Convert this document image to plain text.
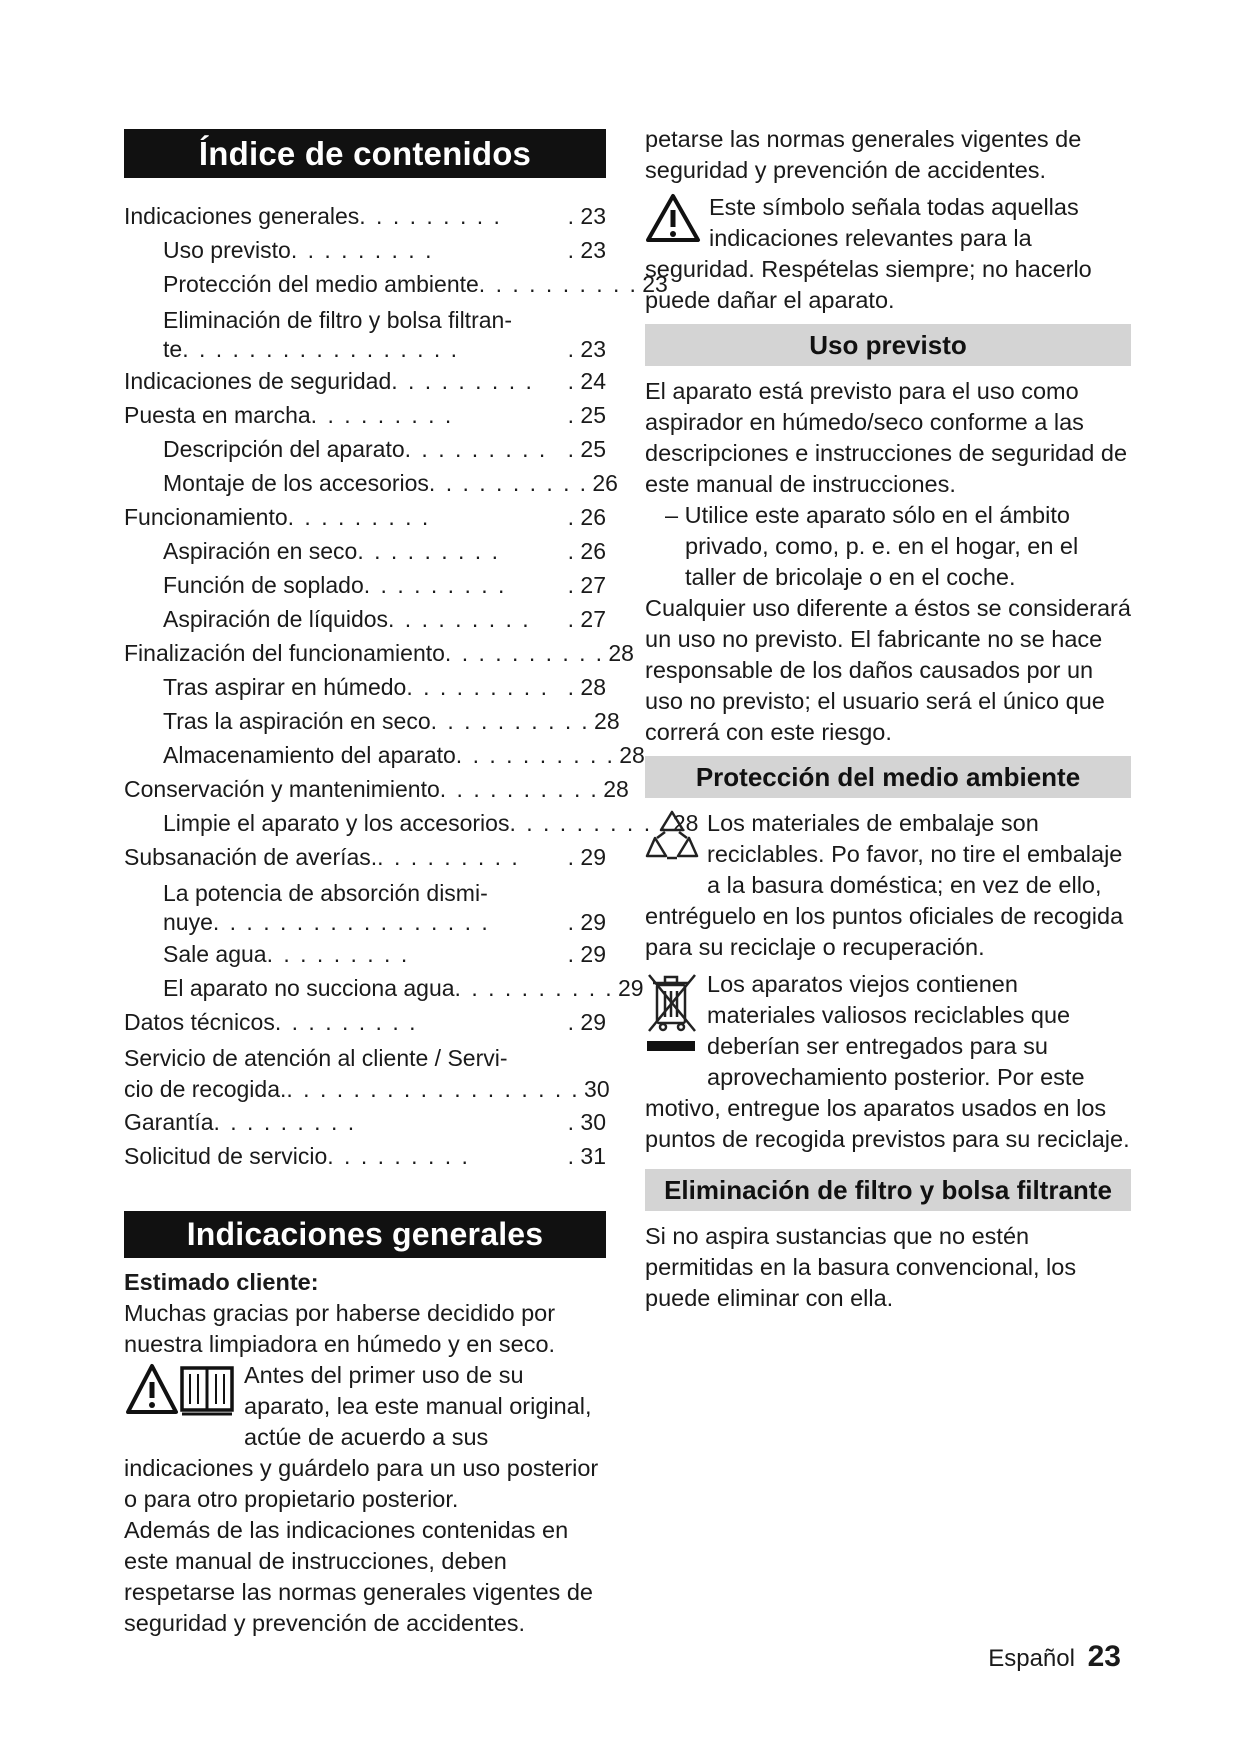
Índice de contenidos
Indicaciones generales . . . . . . . . .	. 23
Uso previsto . . . . . . . . .	. 23
Protección del medio ambiente . . . . . . . . . . 23
Eliminación de filtro y bolsa filtran-
te . . . . . . . . . . . . . . . . .	. 23
Indicaciones de seguridad . . . . . . . . .	. 24
Puesta en marcha . . . . . . . . .	. 25
Descripción del aparato . . . . . . . . . . 25
Montaje de los accesorios . . . . . . . . . . 26
Funcionamiento . . . . . . . . .	. 26
Aspiración en seco . . . . . . . . .	. 26
Función de soplado . . . . . . . . .	. 27
Aspiración de líquidos . . . . . . . . .	. 27
Finalización del funcionamiento . . . . . . . . . . 28
Tras aspirar en húmedo . . . . . . . . . . 28
Tras la aspiración en seco . . . . . . . . . . 28
Almacenamiento del aparato . . . . . . . . . . 28
Conservación y mantenimiento . . . . . . . . . . 28
Limpie el aparato y los accesorios . . . . . . . . . . 28
Subsanación de averías. . . . . . . . . .	. 29
La potencia de absorción dismi-
nuye . . . . . . . . . . . . . . . . .	. 29
Sale agua . . . . . . . . .	. 29
El aparato no succiona agua . . . . . . . . . . 29
Datos técnicos . . . . . . . . .	. 29
Servicio de atención al cliente / Servi-
cio de recogida. . . . . . . . . . . . . . . . . . . 30
Garantía . . . . . . . . .	. 30
Solicitud de servicio . . . . . . . . .	. 31
Indicaciones generales

Estimado cliente:

Muchas gracias por haberse decidido por nuestra limpiadora en húmedo y en seco.

Antes del primer uso de su aparato, lea este manual original, actúe de acuerdo a sus indicaciones y guárdelo para un uso posterior o para otro propietario posterior.

Además de las indicaciones contenidas en este manual de instrucciones, deben respetarse las normas generales vigentes de seguridad y prevención de accidentes.

petarse las normas generales vigentes de seguridad y prevención de accidentes.

Este símbolo señala todas aquellas indicaciones relevantes para la seguridad. Respételas siempre; no hacerlo puede dañar el aparato.

Uso previsto

El aparato está previsto para el uso como aspirador en húmedo/seco conforme a las descripciones e instrucciones de seguridad de este manual de instrucciones.

– Utilice este aparato sólo en el ámbito privado, como, p. e. en el hogar, en el taller de bricolaje o en el coche.

Cualquier uso diferente a éstos se considerará un uso no previsto. El fabricante no se hace responsable de los daños causados por un uso no previsto; el usuario será el único que correrá con este riesgo.

Protección del medio ambiente

Los materiales de embalaje son reciclables. Po favor, no tire el embalaje a la basura doméstica; en vez de ello, entréguelo en los puntos oficiales de recogida para su reciclaje o recuperación.

Los aparatos viejos contienen materiales valiosos reciclables que deberían ser entregados para su aprovechamiento posterior. Por este motivo, entregue los aparatos usados en los puntos de recogida previstos para su reciclaje.

Eliminación de filtro y bolsa filtrante

Si no aspira sustancias que no estén permitidas en la basura convencional, los puede eliminar con ella.

Español 23
